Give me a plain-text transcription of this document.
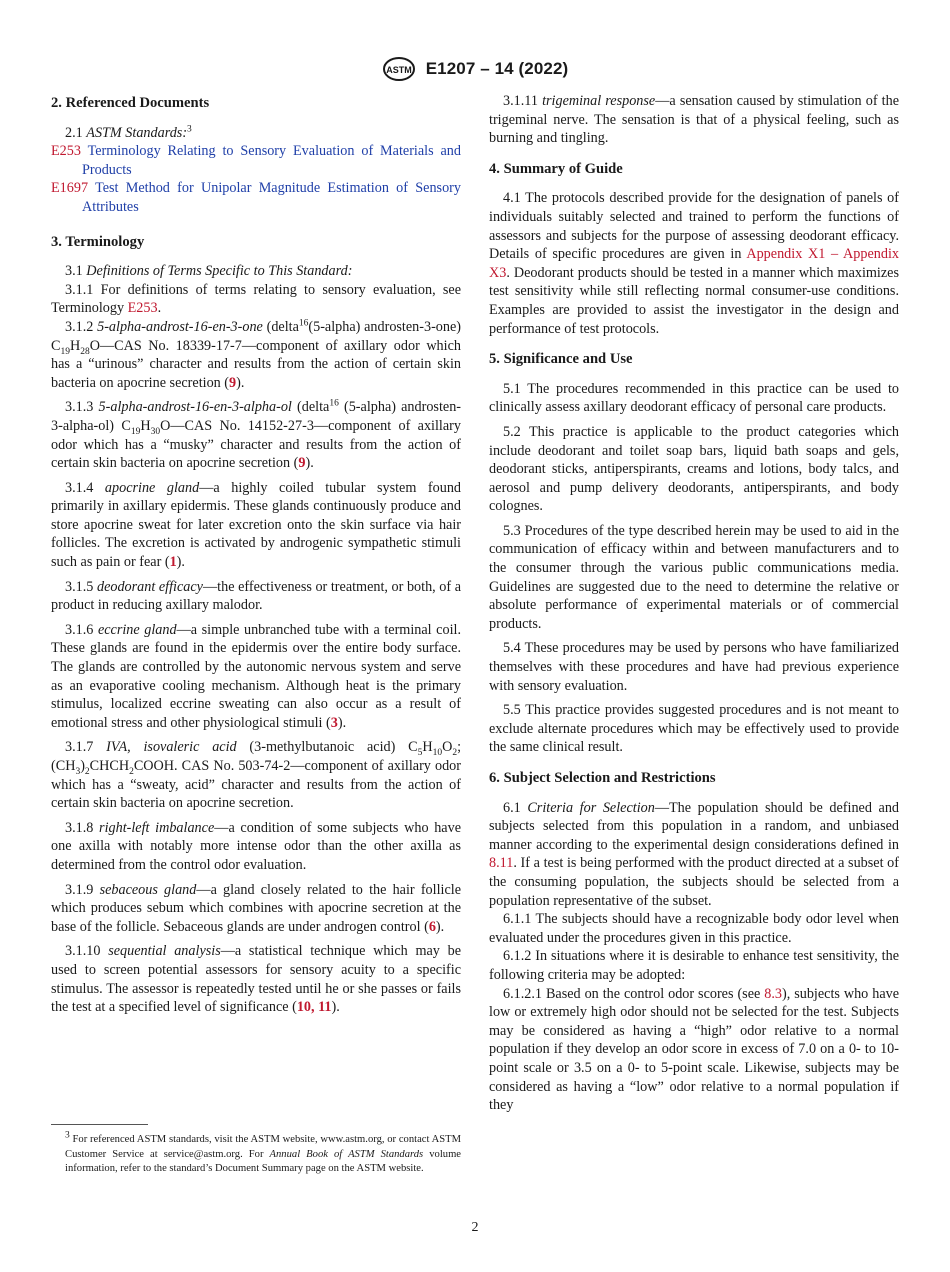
ASTM E1207 – 14 (2022)
2. Referenced Documents

2.1 ASTM Standards:$^3$

E253 Terminology Relating to Sensory Evaluation of Materials and Products

E1697 Test Method for Unipolar Magnitude Estimation of Sensory Attributes

3. Terminology

3.1 Definitions of Terms Specific to This Standard:

3.1.1 For definitions of terms relating to sensory evaluation, see Terminology E253.

3.1.2 5-alpha-androst-16-en-3-one (delta$^{16}$(5-alpha) androsten-3-one) $C_{19}H_{28}O—CAS$ No. 18339-17-7—component of axillary odor which has a “urinous” character and results from the action of certain skin bacteria on apocrine secretion (9).

3.1.3 5-alpha-androst-16-en-3-alpha-ol (delta$^{16}$ (5-alpha) androsten-3-alpha-ol) $C_{19}H_{30}O—CAS$ No. 14152-27-3—component of axillary odor which has a “musky” character and results from the action of certain skin bacteria on apocrine secretion (9).

3.1.4 apocrine gland—a highly coiled tubular system found primarily in axillary epidermis. These glands continuously produce and store apocrine sweat for later excretion onto the skin surface via hair follicles. The excretion is activated by androgenic sympathetic stimuli such as pain or fear (1).

3.1.5 deodorant efficacy—the effectiveness or treatment, or both, of a product in reducing axillary malodor.

3.1.6 eccrine gland—a simple unbranched tube with a terminal coil. These glands are found in the epidermis over the entire body surface. The glands are controlled by the autonomic nervous system and serve as an evaporative cooling mechanism. Although heat is the primary stimulus, localized eccrine sweating can also occur as a result of emotional stress and other physiological stimuli (3).

3.1.7 IVA, isovaleric acid (3-methylbutanoic acid) $C_5H_{10}O_2$; $(CH_3)_2CHCH_2COOH$. CAS No. 503-74-2—component of axillary odor which has a “sweaty, acid” character and results from the action of certain skin bacteria on apocrine secretion.

3.1.8 right-left imbalance—a condition of some subjects who have one axilla with notably more intense odor than the other axilla as determined from the control odor evaluation.

3.1.9 sebaceous gland—a gland closely related to the hair follicle which produces sebum which combines with apocrine secretion at the base of the follicle. Sebaceous glands are under androgen control (6).

3.1.10 sequential analysis—a statistical technique which may be used to screen potential assessors for sensory acuity to a specific stimulus. The assessor is repeatedly tested until he or she passes or fails the test at a specified level of significance (10, 11).

$^3$ For referenced ASTM standards, visit the ASTM website, www.astm.org, or contact ASTM Customer Service at service@astm.org. For Annual Book of ASTM Standards volume information, refer to the standard’s Document Summary page on the ASTM website.

3.1.11 trigeminal response—a sensation caused by stimulation of the trigeminal nerve. The sensation is that of a physical feeling, such as burning and tingling.

4. Summary of Guide

4.1 The protocols described provide for the designation of panels of individuals suitably selected and trained to perform the functions of assessors and subjects for the purpose of assessing deodorant efficacy. Details of specific procedures are given in Appendix X1 – Appendix X3. Deodorant products should be tested in a manner which maximizes test sensitivity while still reflecting normal consumer-use conditions. Examples are provided to assist the investigator in the design and performance of test protocols.

5. Significance and Use

5.1 The procedures recommended in this practice can be used to clinically assess axillary deodorant efficacy of personal care products.

5.2 This practice is applicable to the product categories which include deodorant and toilet soap bars, liquid bath soaps and gels, deodorant sticks, antiperspirants, creams and lotions, body talcs, and aerosol and pump delivery deodorants, antiperspirants, and body colognes.

5.3 Procedures of the type described herein may be used to aid in the communication of efficacy within and between manufacturers and to the consumer through the various public communications media. Guidelines are suggested due to the need to determine the relative or absolute performance of experimental materials or of commercial products.

5.4 These procedures may be used by persons who have familiarized themselves with these procedures and have had previous experience with sensory evaluation.

5.5 This practice provides suggested procedures and is not meant to exclude alternate procedures which may be effectively used to provide the same clinical result.

6. Subject Selection and Restrictions

6.1 Criteria for Selection—The population should be defined and subjects selected from this population in a random, and unbiased manner according to the experimental design considerations defined in 8.11. If a test is being performed with the product directed at a subset of the consuming population, the subjects should be selected from a population representative of the subset.

6.1.1 The subjects should have a recognizable body odor level when evaluated under the procedures given in this practice.

6.1.2 In situations where it is desirable to enhance test sensitivity, the following criteria may be adopted:

6.1.2.1 Based on the control odor scores (see 8.3), subjects who have low or extremely high odor should not be selected for the test. Subjects may be considered as having a “high” odor relative to a normal population if they develop an odor score in excess of 7.0 on a 0- to 10-point scale or 3.5 on a 0- to 5-point scale. Likewise, subjects may be considered as having a “low” odor relative to a normal population if they

2
